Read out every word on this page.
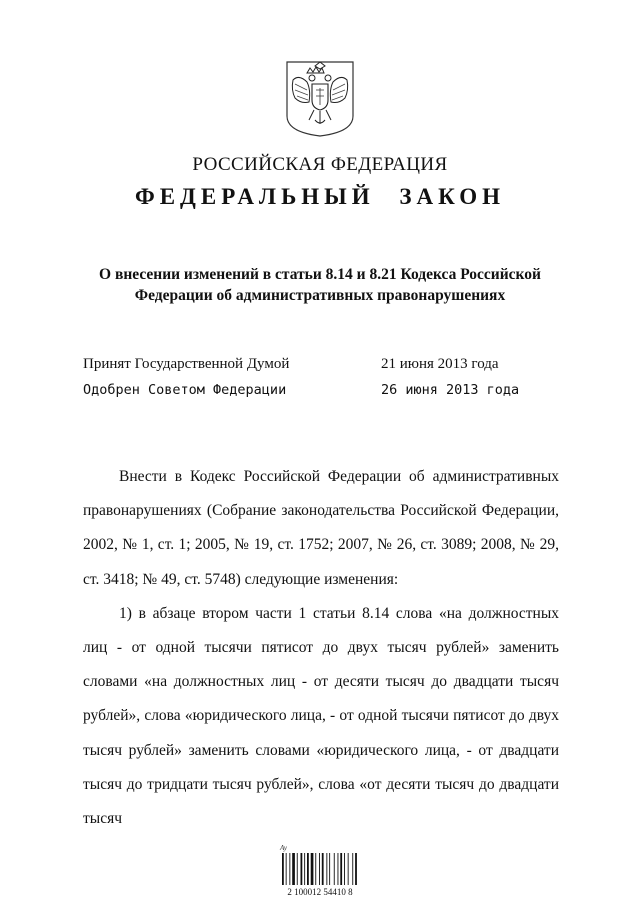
РОССИЙСКАЯ ФЕДЕРАЦИЯ
ФЕДЕРАЛЬНЫЙ ЗАКОН
О внесении изменений в статьи 8.14 и 8.21 Кодекса Российской Федерации об административных правонарушениях
Принят Государственной Думой	21 июня 2013 года
Одобрен Советом Федерации	26 июня 2013 года

Внести в Кодекс Российской Федерации об административных правонарушениях (Собрание законодательства Российской Федерации, 2002, № 1, ст. 1; 2005, № 19, ст. 1752; 2007, № 26, ст. 3089; 2008, № 29, ст. 3418; № 49, ст. 5748) следующие изменения:

1) в абзаце втором части 1 статьи 8.14 слова «на должностных лиц - от одной тысячи пятисот до двух тысяч рублей» заменить словами «на должностных лиц - от десяти тысяч до двадцати тысяч рублей», слова «юридического лица, - от одной тысячи пятисот до двух тысяч рублей» заменить словами «юридического лица, - от двадцати тысяч до тридцати тысяч рублей», слова «от десяти тысяч до двадцати тысяч

Ay
2 100012 54410 8
